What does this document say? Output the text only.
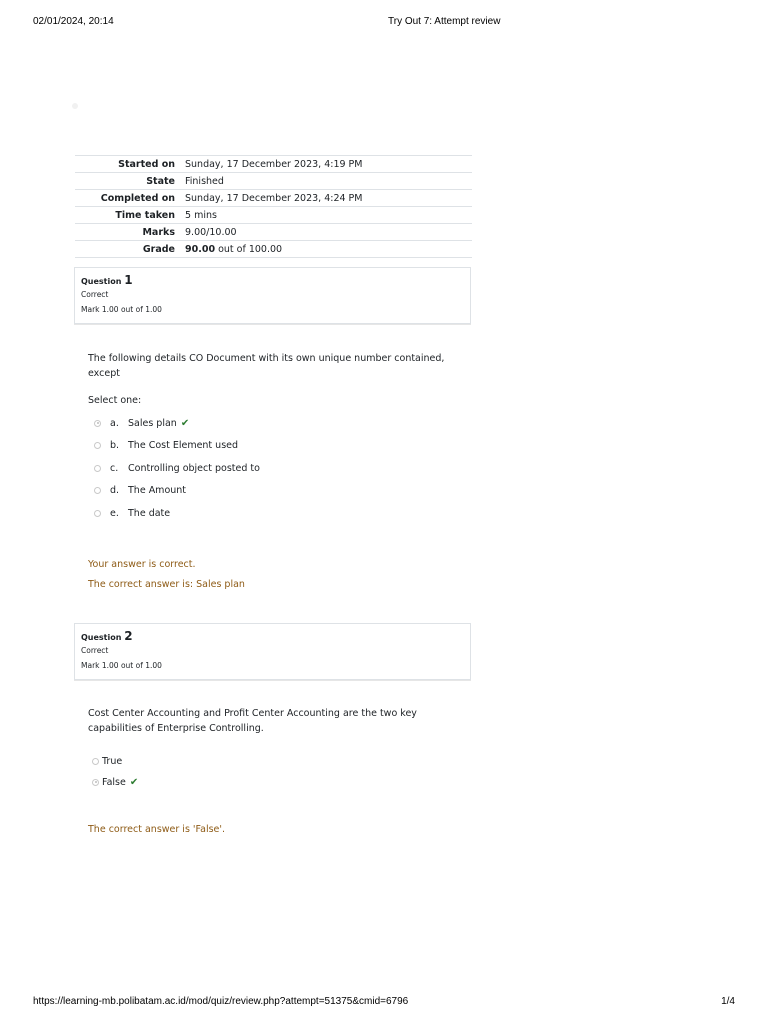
02/01/2024, 20:14	Try Out 7: Attempt review
Started on	Sunday, 17 December 2023, 4:19 PM
State	Finished
Completed on	Sunday, 17 December 2023, 4:24 PM
Time taken	5 mins
Marks	9.00/10.00
Grade	90.00 out of 100.00
Question 1
Correct
Mark 1.00 out of 1.00
The following details CO Document with its own unique number contained, except
Select one:
a. Sales plan ✔
b. The Cost Element used
c.	Controlling object posted to
d. The Amount
e. The date
Your answer is correct.
The correct answer is: Sales plan
Question 2
Correct
Mark 1.00 out of 1.00
Cost Center Accounting and Profit Center Accounting are the two key capabilities of Enterprise Controlling.
True
False ✔
The correct answer is 'False'.
https://learning-mb.polibatam.ac.id/mod/quiz/review.php?attempt=51375&cmid=6796	1/4
